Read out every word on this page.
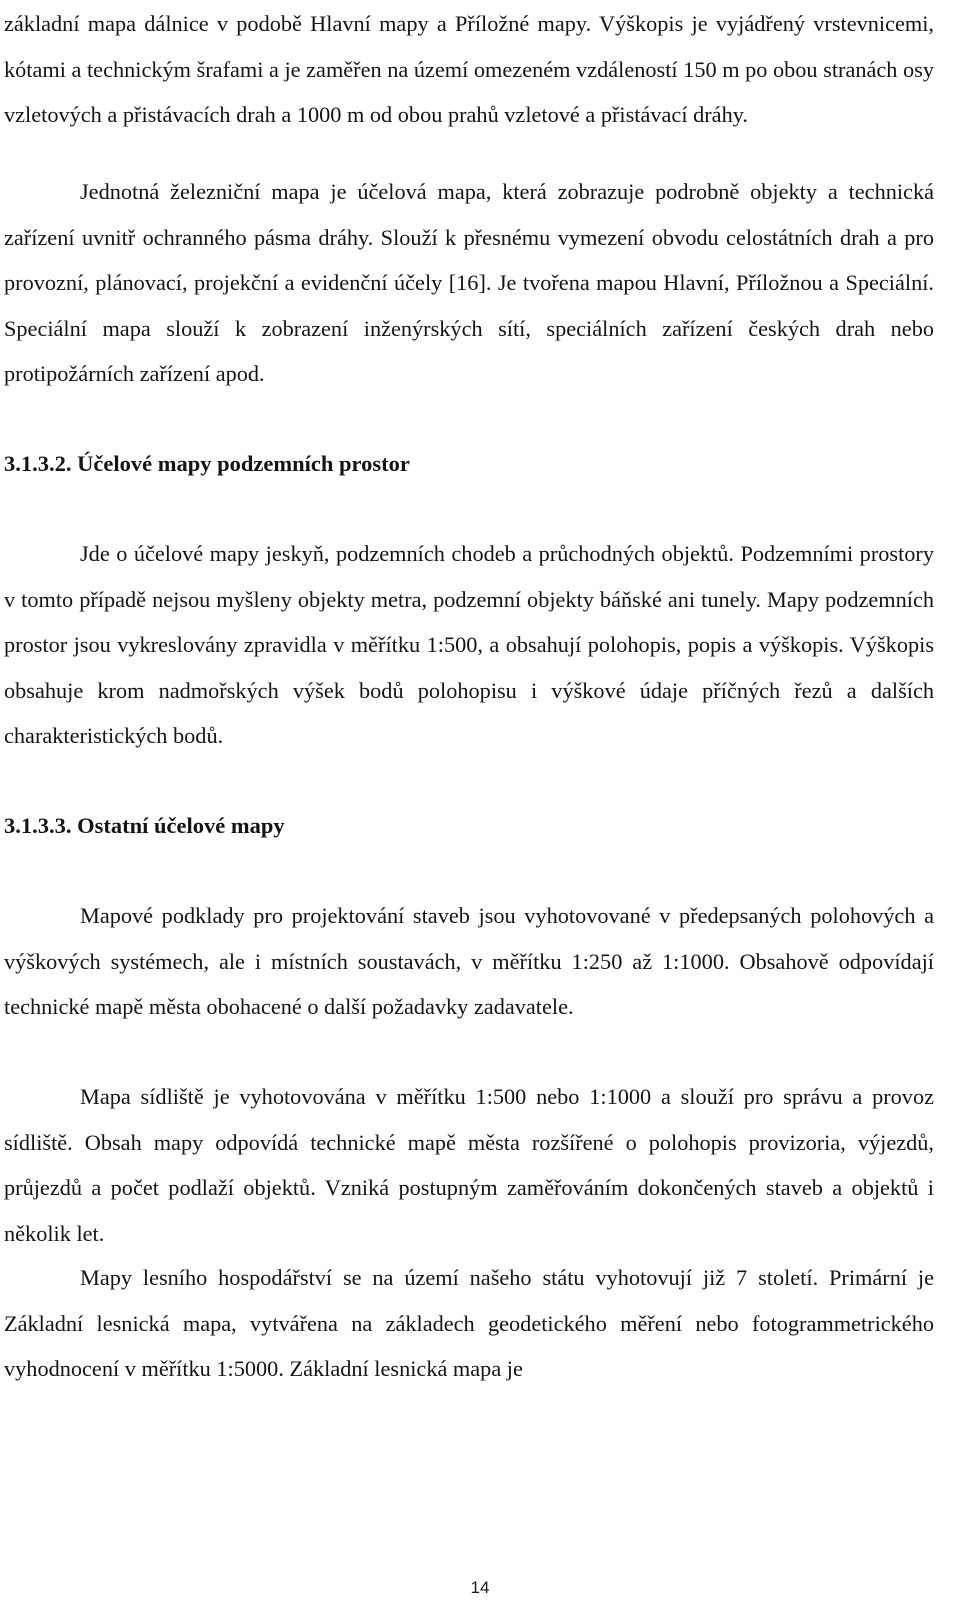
základní mapa dálnice v podobě Hlavní mapy a Příložné mapy. Výškopis je vyjádřený vrstevnicemi, kótami a technickým šrafami a je zaměřen na území omezeném vzdáleností 150 m po obou stranách osy vzletových a přistávacích drah a 1000 m od obou prahů vzletové a přistávací dráhy.

Jednotná železniční mapa je účelová mapa, která zobrazuje podrobně objekty a technická zařízení uvnitř ochranného pásma dráhy. Slouží k přesnému vymezení obvodu celostátních drah a pro provozní, plánovací, projekční a evidenční účely [16]. Je tvořena mapou Hlavní, Příložnou a Speciální. Speciální mapa slouží k zobrazení inženýrských sítí, speciálních zařízení českých drah nebo protipožárních zařízení apod.

3.1.3.2. Účelové mapy podzemních prostor

Jde o účelové mapy jeskyň, podzemních chodeb a průchodných objektů. Podzemními prostory v tomto případě nejsou myšleny objekty metra, podzemní objekty báňské ani tunely. Mapy podzemních prostor jsou vykreslovány zpravidla v měřítku 1:500, a obsahují polohopis, popis a výškopis. Výškopis obsahuje krom nadmořských výšek bodů polohopisu i výškové údaje příčných řezů a dalších charakteristických bodů.

3.1.3.3. Ostatní účelové mapy

Mapové podklady pro projektování staveb jsou vyhotovované v předepsaných polohových a výškových systémech, ale i místních soustavách, v měřítku 1:250 až 1:1000. Obsahově odpovídají technické mapě města obohacené o další požadavky zadavatele.

Mapa sídliště je vyhotovována v měřítku 1:500 nebo 1:1000 a slouží pro správu a provoz sídliště. Obsah mapy odpovídá technické mapě města rozšířené o polohopis provizoria, výjezdů, průjezdů a počet podlaží objektů. Vzniká postupným zaměřováním dokončených staveb a objektů i několik let.

Mapy lesního hospodářství se na území našeho státu vyhotovují již 7 století. Primární je Základní lesnická mapa, vytvářena na základech geodetického měření nebo fotogrammetrického vyhodnocení v měřítku 1:5000. Základní lesnická mapa je

14
